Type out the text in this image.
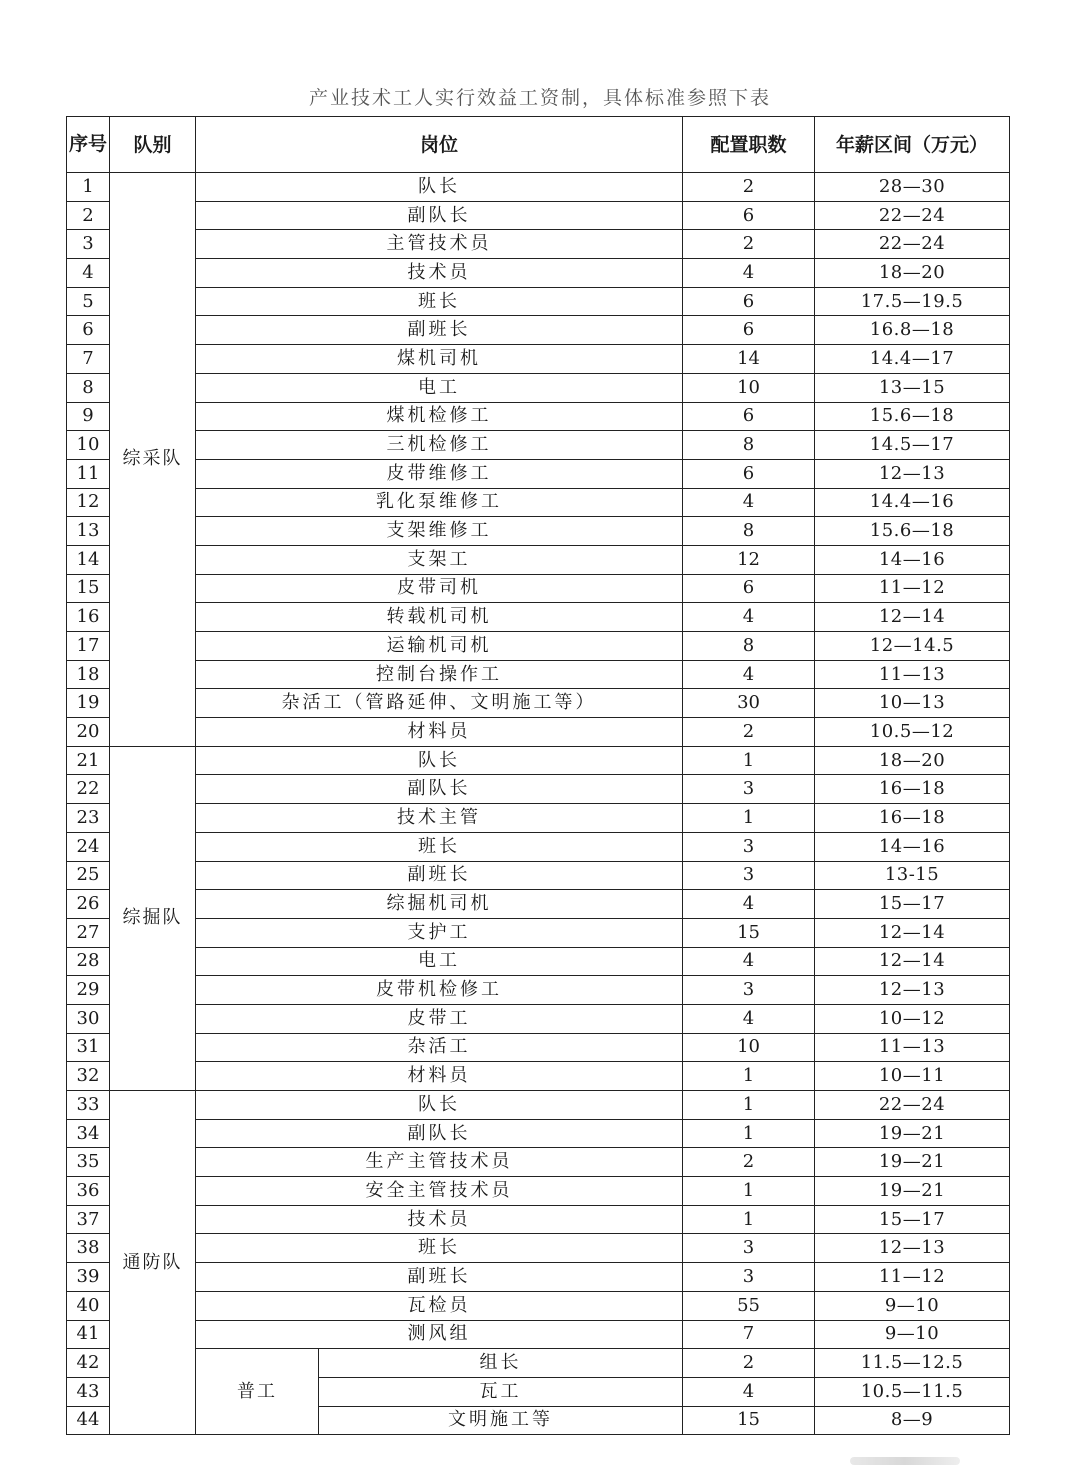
产业技术工人实行效益工资制，具体标准参照下表
序号	队别	岗位		配置职数	年薪区间（万元）
1	综采队	队长		2	28—30
2		副队长		6	22—24
3		主管技术员		2	22—24
4		技术员		4	18—20
5		班长		6	17.5—19.5
6		副班长		6	16.8—18
7		煤机司机		14	14.4—17
8		电工		10	13—15
9		煤机检修工		6	15.6—18
10		三机检修工		8	14.5—17
11		皮带维修工		6	12—13
12		乳化泵维修工		4	14.4—16
13		支架维修工		8	15.6—18
14		支架工		12	14—16
15		皮带司机		6	11—12
16		转载机司机		4	12—14
17		运输机司机		8	12—14.5
18		控制台操作工		4	11—13
19		杂活工（管路延伸、文明施工等）		30	10—13
20		材料员		2	10.5—12
21	综掘队	队长		1	18—20
22		副队长		3	16—18
23		技术主管		1	16—18
24		班长		3	14—16
25		副班长		3	13-15
26		综掘机司机		4	15—17
27		支护工		15	12—14
28		电工		4	12—14
29		皮带机检修工		3	12—13
30		皮带工		4	10—12
31		杂活工		10	11—13
32		材料员		1	10—11
33	通防队	队长		1	22—24
34		副队长		1	19—21
35		生产主管技术员		2	19—21
36		安全主管技术员		1	19—21
37		技术员		1	15—17
38		班长		3	12—13
39		副班长		3	11—12
40		瓦检员		55	9—10
41		测风组		7	9—10
42		普工	组长	2	11.5—12.5
43			瓦工	4	10.5—11.5
44			文明施工等	15	8—9
